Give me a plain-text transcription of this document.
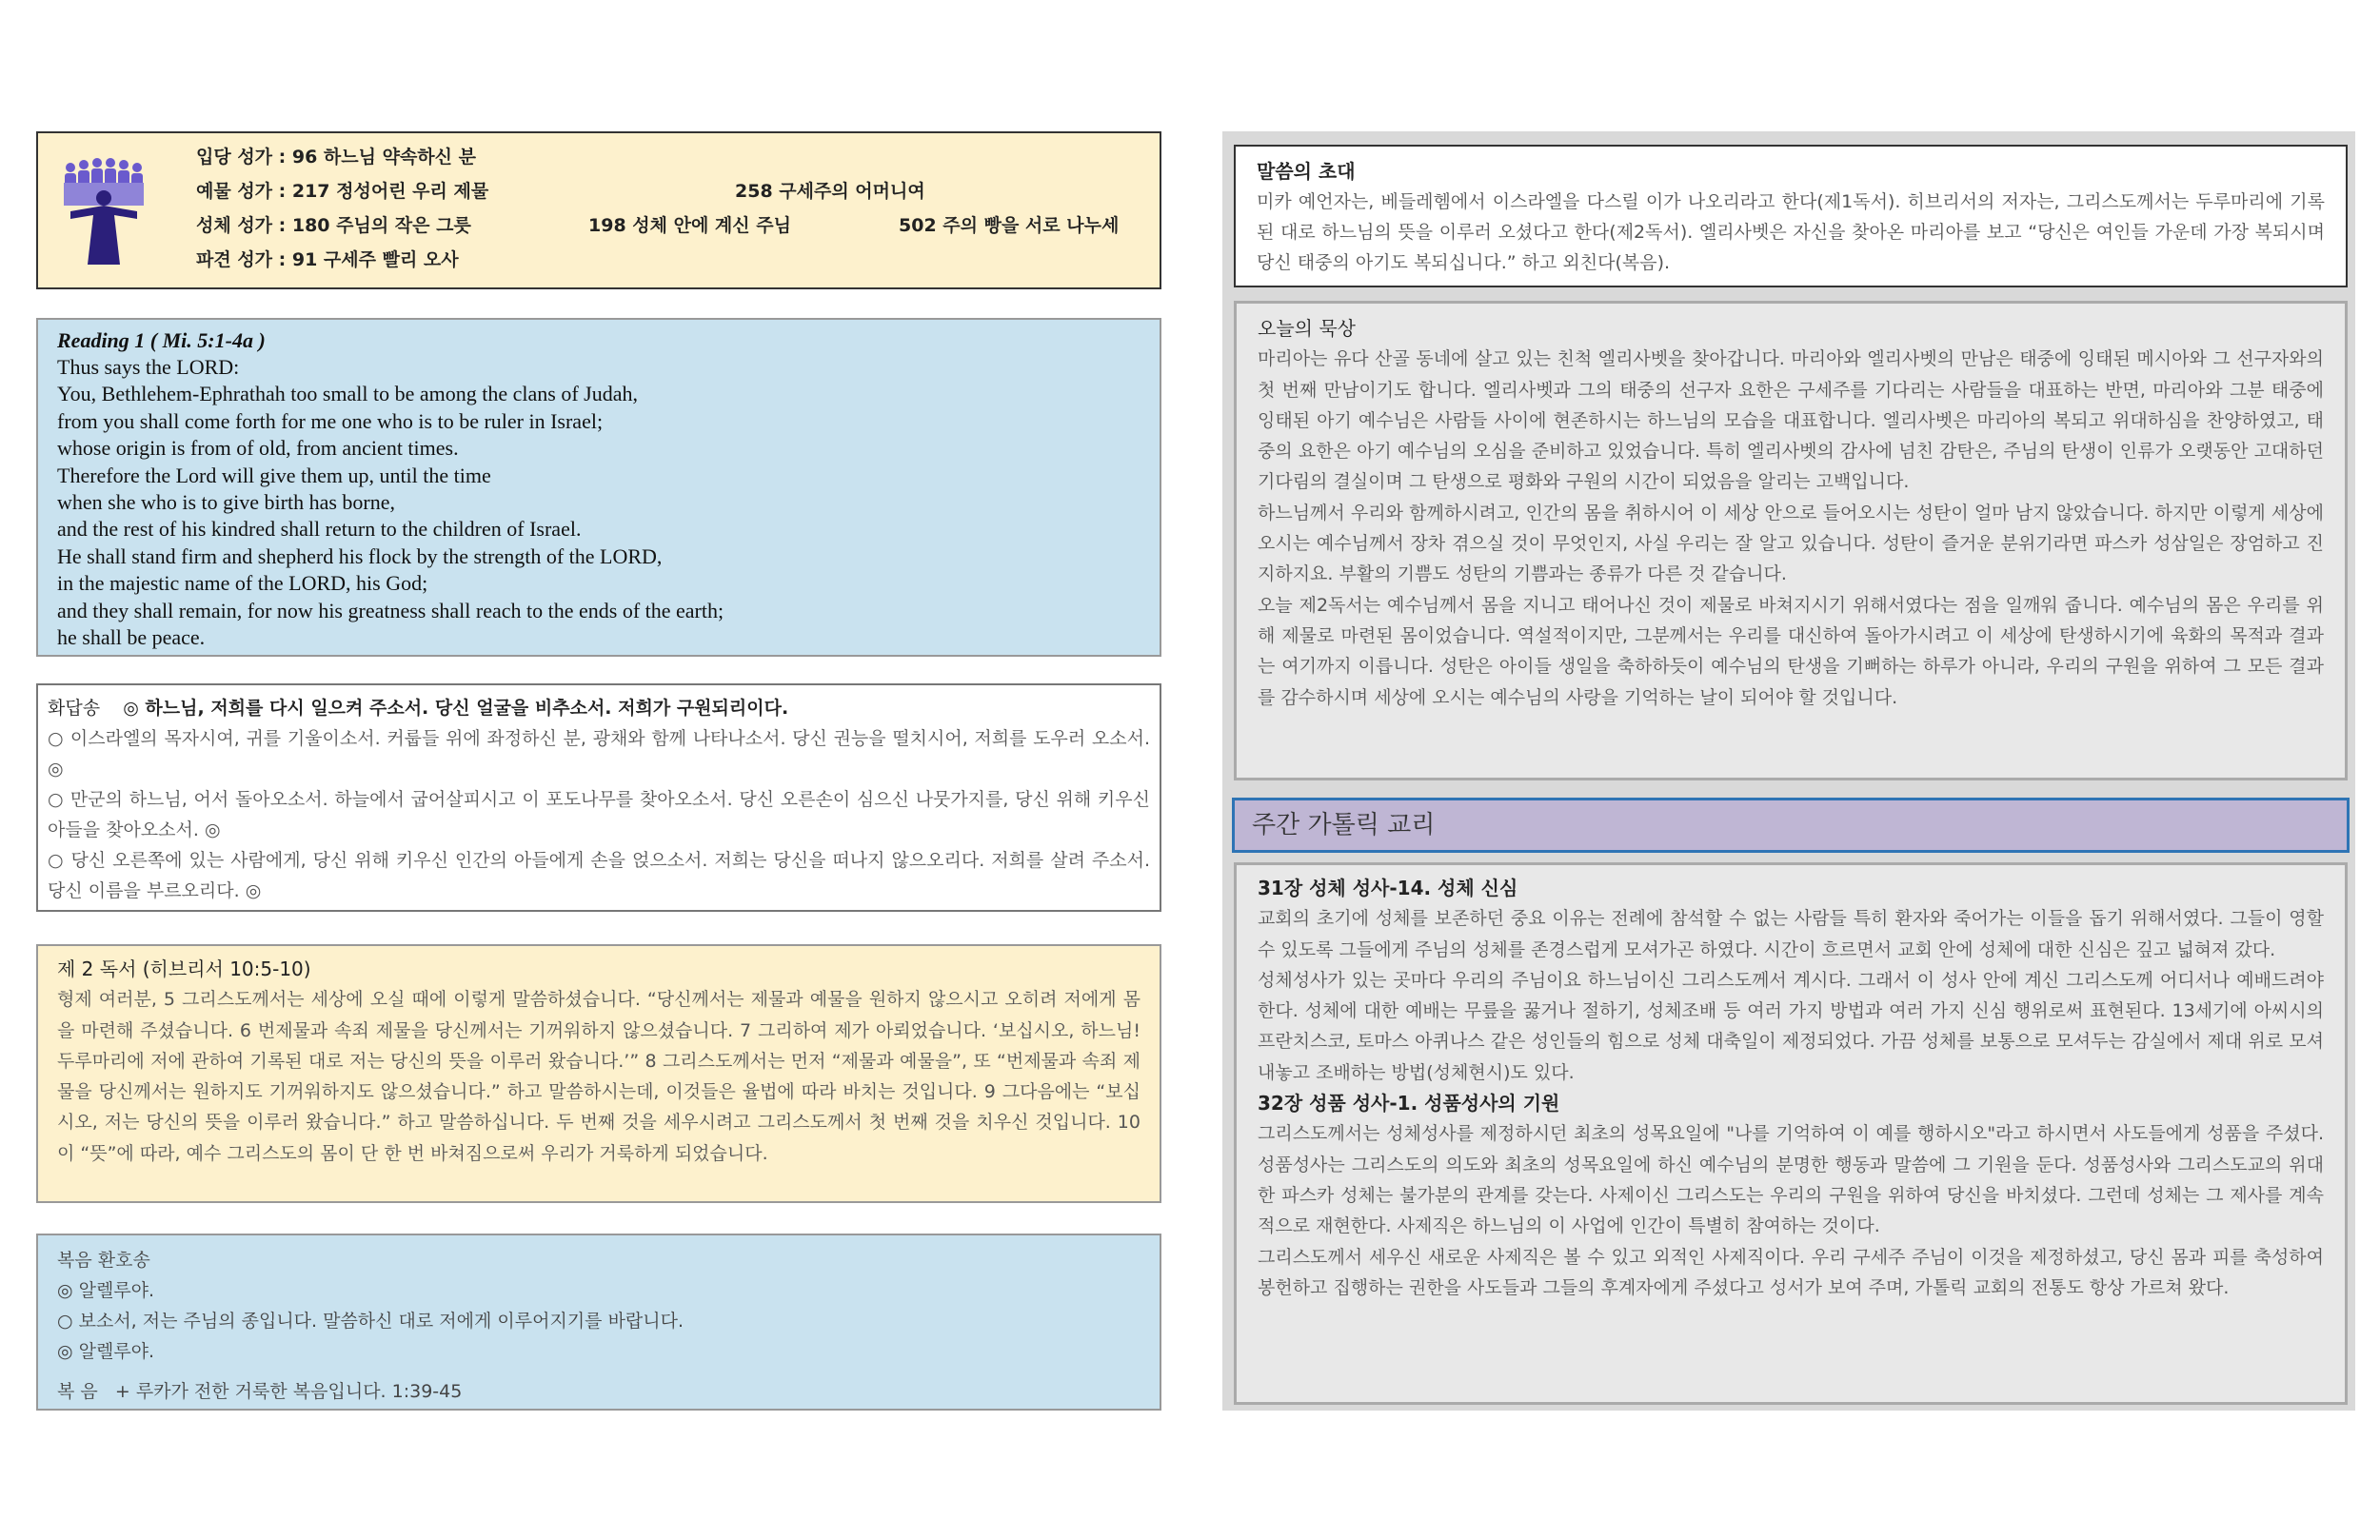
입당 성가 : 96 하느님 약속하신 분
예물 성가 : 217 정성어린 우리 제물	258 구세주의 어머니여
성체 성가 : 180 주님의 작은 그릇	198 성체 안에 계신 주님	502 주의 빵을 서로 나누세
파견 성가 : 91 구세주 빨리 오사
Reading 1 ( Mi. 5:1-4a )
Thus says the LORD:
You, Bethlehem-Ephrathah too small to be among the clans of Judah,
from you shall come forth for me one who is to be ruler in Israel;
whose origin is from of old, from ancient times.
Therefore the Lord will give them up, until the time
when she who is to give birth has borne,
and the rest of his kindred shall return to the children of Israel.
He shall stand firm and shepherd his flock by the strength of the LORD,
in the majestic name of the LORD, his God;
and they shall remain, for now his greatness shall reach to the ends of the earth;
he shall be peace.
화답송 ◎ 하느님, 저희를 다시 일으켜 주소서. 당신 얼굴을 비추소서. 저희가 구원되리이다.
○ 이스라엘의 목자시여, 귀를 기울이소서. 커룹들 위에 좌정하신 분, 광채와 함께 나타나소서. 당신 권능을 떨치시어, 저희를 도우러 오소서. ◎
○ 만군의 하느님, 어서 돌아오소서. 하늘에서 굽어살피시고 이 포도나무를 찾아오소서. 당신 오른손이 심으신 나뭇가지를, 당신 위해 키우신 아들을 찾아오소서. ◎
○ 당신 오른쪽에 있는 사람에게, 당신 위해 키우신 인간의 아들에게 손을 얹으소서. 저희는 당신을 떠나지 않으오리다. 저희를 살려 주소서. 당신 이름을 부르오리다. ◎
제 2 독서 (히브리서 10:5-10)
형제 여러분, 5 그리스도께서는 세상에 오실 때에 이렇게 말씀하셨습니다. “당신께서는 제물과 예물을 원하지 않으시고 오히려 저에게 몸을 마련해 주셨습니다. 6 번제물과 속죄 제물을 당신께서는 기꺼워하지 않으셨습니다. 7 그리하여 제가 아뢰었습니다. ‘보십시오, 하느님! 두루마리에 저에 관하여 기록된 대로 저는 당신의 뜻을 이루러 왔습니다.’” 8 그리스도께서는 먼저 “제물과 예물을”, 또 “번제물과 속죄 제물을 당신께서는 원하지도 기꺼워하지도 않으셨습니다.” 하고 말씀하시는데, 이것들은 율법에 따라 바치는 것입니다. 9 그다음에는 “보십시오, 저는 당신의 뜻을 이루러 왔습니다.” 하고 말씀하십니다. 두 번째 것을 세우시려고 그리스도께서 첫 번째 것을 치우신 것입니다. 10 이 “뜻”에 따라, 예수 그리스도의 몸이 단 한 번 바쳐짐으로써 우리가 거룩하게 되었습니다.
복음 환호송
◎ 알렐루야.
○ 보소서, 저는 주님의 종입니다. 말씀하신 대로 저에게 이루어지기를 바랍니다.
◎ 알렐루야.
복 음   + 루카가 전한 거룩한 복음입니다. 1:39-45
말씀의 초대
미카 예언자는, 베들레헴에서 이스라엘을 다스릴 이가 나오리라고 한다(제1독서). 히브리서의 저자는, 그리스도께서는 두루마리에 기록된 대로 하느님의 뜻을 이루러 오셨다고 한다(제2독서). 엘리사벳은 자신을 찾아온 마리아를 보고 “당신은 여인들 가운데 가장 복되시며 당신 태중의 아기도 복되십니다.” 하고 외친다(복음).
오늘의 묵상
마리아는 유다 산골 동네에 살고 있는 친척 엘리사벳을 찾아갑니다. 마리아와 엘리사벳의 만남은 태중에 잉태된 메시아와 그 선구자와의 첫 번째 만남이기도 합니다. 엘리사벳과 그의 태중의 선구자 요한은 구세주를 기다리는 사람들을 대표하는 반면, 마리아와 그분 태중에 잉태된 아기 예수님은 사람들 사이에 현존하시는 하느님의 모습을 대표합니다. 엘리사벳은 마리아의 복되고 위대하심을 찬양하였고, 태중의 요한은 아기 예수님의 오심을 준비하고 있었습니다. 특히 엘리사벳의 감사에 넘친 감탄은, 주님의 탄생이 인류가 오랫동안 고대하던 기다림의 결실이며 그 탄생으로 평화와 구원의 시간이 되었음을 알리는 고백입니다.
하느님께서 우리와 함께하시려고, 인간의 몸을 취하시어 이 세상 안으로 들어오시는 성탄이 얼마 남지 않았습니다. 하지만 이렇게 세상에 오시는 예수님께서 장차 겪으실 것이 무엇인지, 사실 우리는 잘 알고 있습니다. 성탄이 즐거운 분위기라면 파스카 성삼일은 장엄하고 진지하지요. 부활의 기쁨도 성탄의 기쁨과는 종류가 다른 것 같습니다.
오늘 제2독서는 예수님께서 몸을 지니고 태어나신 것이 제물로 바쳐지시기 위해서였다는 점을 일깨워 줍니다. 예수님의 몸은 우리를 위해 제물로 마련된 몸이었습니다. 역설적이지만, 그분께서는 우리를 대신하여 돌아가시려고 이 세상에 탄생하시기에 육화의 목적과 결과는 여기까지 이릅니다. 성탄은 아이들 생일을 축하하듯이 예수님의 탄생을 기뻐하는 하루가 아니라, 우리의 구원을 위하여 그 모든 결과를 감수하시며 세상에 오시는 예수님의 사랑을 기억하는 날이 되어야 할 것입니다.
주간 가톨릭 교리
31장 성체 성사-14. 성체 신심
교회의 초기에 성체를 보존하던 중요 이유는 전례에 참석할 수 없는 사람들 특히 환자와 죽어가는 이들을 돕기 위해서였다. 그들이 영할 수 있도록 그들에게 주님의 성체를 존경스럽게 모셔가곤 하였다. 시간이 흐르면서 교회 안에 성체에 대한 신심은 깊고 넓혀져 갔다.
성체성사가 있는 곳마다 우리의 주님이요 하느님이신 그리스도께서 계시다. 그래서 이 성사 안에 계신 그리스도께 어디서나 예배드려야 한다. 성체에 대한 예배는 무릎을 꿇거나 절하기, 성체조배 등 여러 가지 방법과 여러 가지 신심 행위로써 표현된다. 13세기에 아씨시의 프란치스코, 토마스 아퀴나스 같은 성인들의 힘으로 성체 대축일이 제정되었다. 가끔 성체를 보통으로 모셔두는 감실에서 제대 위로 모셔 내놓고 조배하는 방법(성체현시)도 있다.
32장 성품 성사-1. 성품성사의 기원
그리스도께서는 성체성사를 제정하시던 최초의 성목요일에 "나를 기억하여 이 예를 행하시오"라고 하시면서 사도들에게 성품을 주셨다. 성품성사는 그리스도의 의도와 최초의 성목요일에 하신 예수님의 분명한 행동과 말씀에 그 기원을 둔다. 성품성사와 그리스도교의 위대한 파스카 성체는 불가분의 관계를 갖는다. 사제이신 그리스도는 우리의 구원을 위하여 당신을 바치셨다. 그런데 성체는 그 제사를 계속적으로 재현한다. 사제직은 하느님의 이 사업에 인간이 특별히 참여하는 것이다.
그리스도께서 세우신 새로운 사제직은 볼 수 있고 외적인 사제직이다. 우리 구세주 주님이 이것을 제정하셨고, 당신 몸과 피를 축성하여 봉헌하고 집행하는 권한을 사도들과 그들의 후계자에게 주셨다고 성서가 보여 주며, 가톨릭 교회의 전통도 항상 가르쳐 왔다.
